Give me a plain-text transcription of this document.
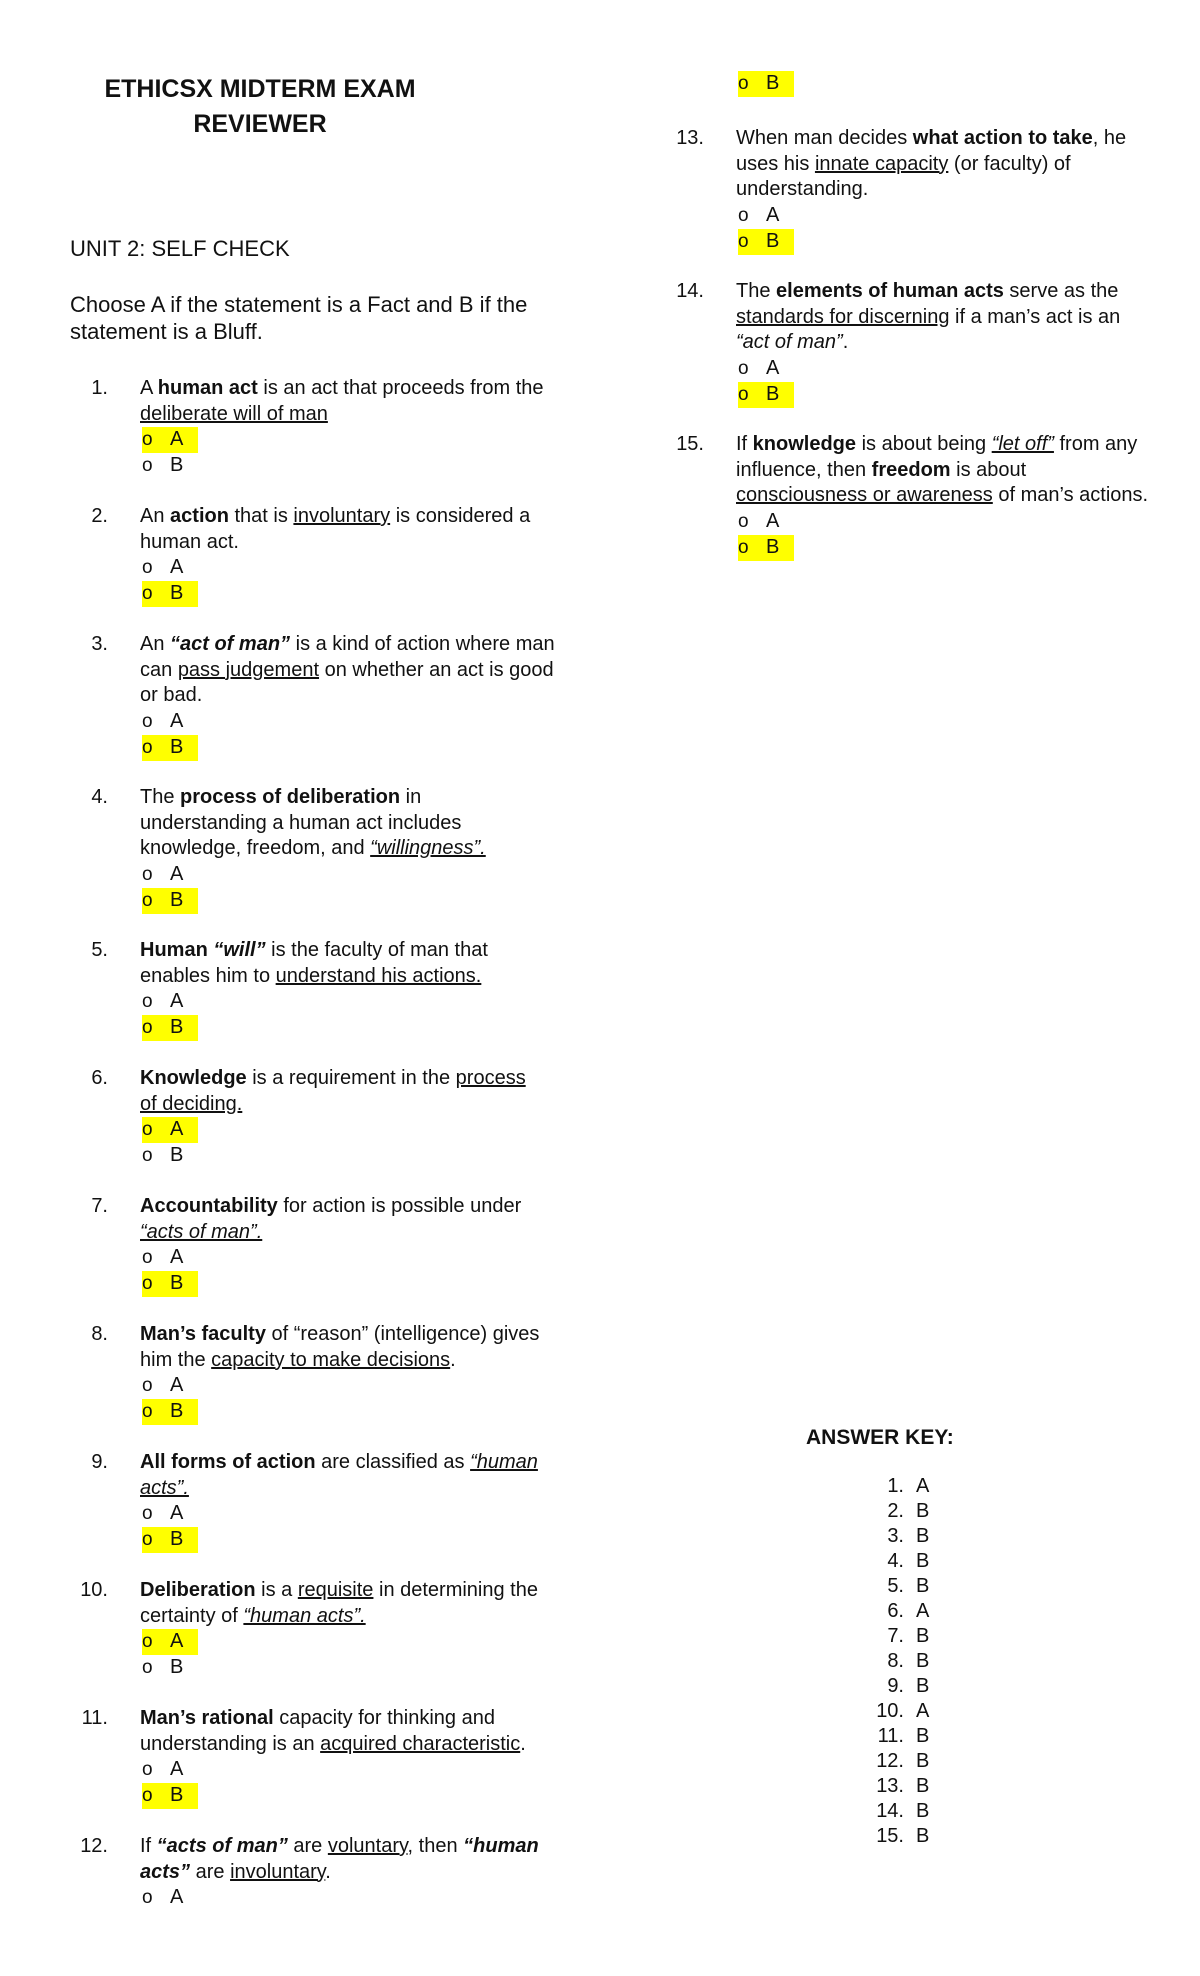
ETHICSX MIDTERM EXAM
REVIEWER
UNIT 2: SELF CHECK
Choose A if the statement is a Fact and B if the statement is a Bluff.
o B
1. A human act is an act that proceeds from the deliberate will of man
o A
o B
2. An action that is involuntary is considered a human act.
o A
o B
3. An “act of man” is a kind of action where man can pass judgement on whether an act is good or bad.
o A
o B
4. The process of deliberation in understanding a human act includes knowledge, freedom, and “willingness”.
o A
o B
5. Human “will” is the faculty of man that enables him to understand his actions.
o A
o B
6. Knowledge is a requirement in the process of deciding.
o A
o B
7. Accountability for action is possible under “acts of man”.
o A
o B
8. Man’s faculty of “reason” (intelligence) gives him the capacity to make decisions.
o A
o B
9. All forms of action are classified as “human acts”.
o A
o B
10. Deliberation is a requisite in determining the certainty of “human acts”.
o A
o B
11. Man’s rational capacity for thinking and understanding is an acquired characteristic.
o A
o B
12. If “acts of man” are voluntary, then “human acts” are involuntary.
o A
13. When man decides what action to take, he uses his innate capacity (or faculty) of understanding.
o A
o B
14. The elements of human acts serve as the standards for discerning if a man’s act is an “act of man”.
o A
o B
15. If knowledge is about being “let off” from any influence, then freedom is about consciousness or awareness of man’s actions.
o A
o B
ANSWER KEY:
1. A
2. B
3. B
4. B
5. B
6. A
7. B
8. B
9. B
10. A
11. B
12. B
13. B
14. B
15. B
